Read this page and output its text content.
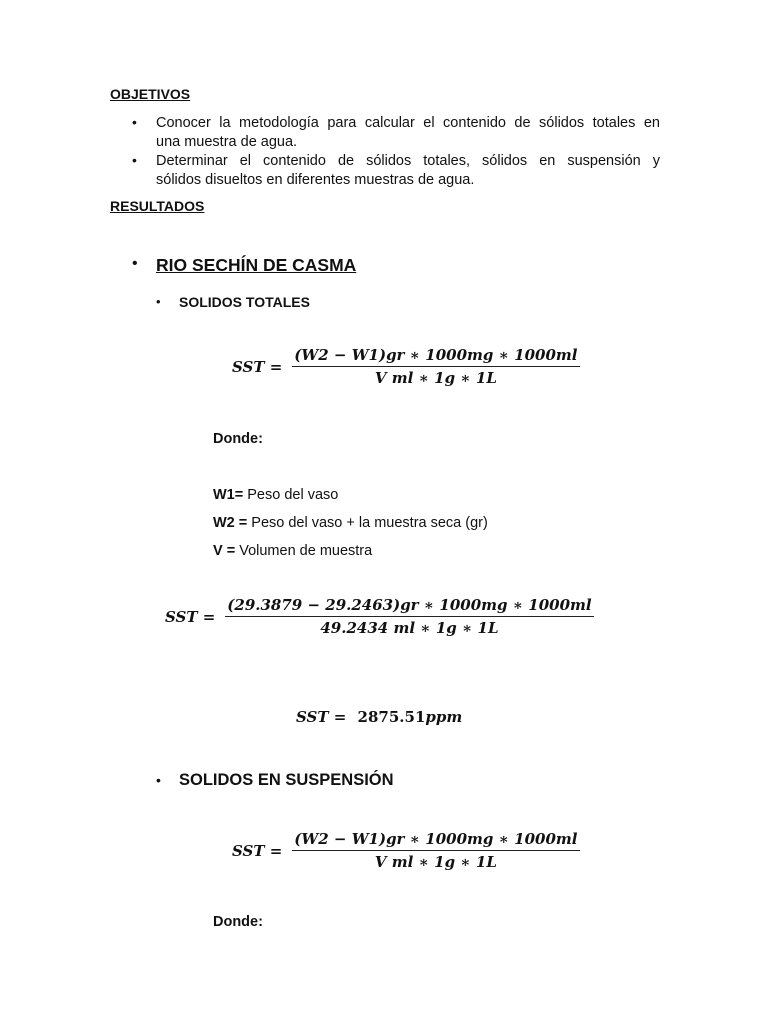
OBJETIVOS
• Conocer la metodología para calcular el contenido de sólidos totales en
una muestra de agua.
• Determinar el contenido de sólidos totales, sólidos en suspensión y
sólidos disueltos en diferentes muestras de agua.
RESULTADOS
• RIO SECHÍN DE CASMA
• SOLIDOS TOTALES
SST = $\frac{(W2 - W1)gr ∗ 1000mg ∗ 1000ml}{\text{V ml ∗ 1g ∗ 1L}}$
Donde:
W1= Peso del vaso
W2 = Peso del vaso + la muestra seca (gr)
V = Volumen de muestra
SST = $\frac{(29.3879 - 29.2463)gr ∗ 1000mg ∗ 1000ml}{49.2434 ml ∗ 1g ∗ 1L}$
SST = 2875.51ppm
• SOLIDOS EN SUSPENSIÓN
SST = $\frac{(W2 - W1)gr ∗ 1000mg ∗ 1000ml}{\text{V ml ∗ 1g ∗ 1L}}$
Donde:
